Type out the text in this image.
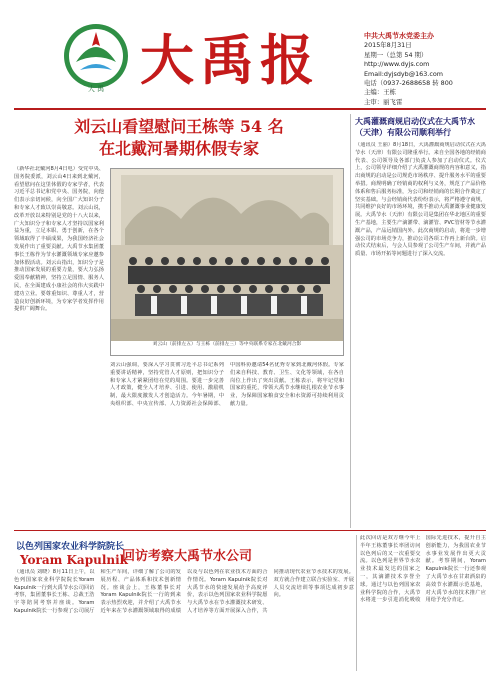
大 禹 大禹报	中共大禹节水党委主办
2015年8月31日
星期一（总第 54 期）
http://www.dyjs.com
Email:dyjsdyb@163.com
电话（0937-2688658 转 800
主编：王栋
主审：丽飞雷
刘云山看望慰问王栋等 54 名
在北戴河暑期休假专家
（新华社北戴河8月4日电）受党中央、国务院委派，刘云山4日来到北戴河，看望慰问在这里休假的专家学者，代表习近平总书记和党中央、国务院，向他们表示亲切问候，向全国广大知识分子和专家人才致以崇高敬意。刘云山说，改革开放以来特别是党的十八大以来，广大知识分子和专家人才坚持以国家利益为重，立足本职、勇于创新，在各个领域取得了丰硕成果，为我国经济社会发展作出了重要贡献。大禹节水集团董事长王栋作为节水灌溉领域专家应邀参加休假活动。刘云山指出，知识分子是推动国家发展的重要力量，要大力弘扬爱国奉献精神，坚持立足国情、服务人民，在全面建成小康社会的伟大实践中建功立业。要尊重知识、尊重人才，营造良好创新环境，为专家学者发挥作用提供广阔舞台。
刘云山（前排左五）与王栋（前排左三）等中央联系专家在北戴河合影
刘云山强调，要深入学习贯彻习近平总书记系列重要讲话精神，坚持党管人才原则，把知识分子和专家人才紧紧团结在党的周围。要进一步完善人才政策，健全人才培养、引进、使用、激励机制，最大限度激发人才创造活力。今年暑期，中央组织部、中央宣传部、人力资源社会保障部、中国科协邀请54名优秀专家到北戴河休假。专家们来自科技、教育、卫生、文化等领域，在各自岗位上作出了突出贡献。王栋表示，将牢记党和国家的重托，带领大禹节水继续扎根农业节水事业，为保障国家粮食安全和水资源可持续利用贡献力量。
大禹灌溉商规启动仪式在大禹节水（天津）有限公司顺利举行
（通讯员 王丽）8月18日，大禹灌溉商规启动仪式在大禹节水（天津）有限公司隆重举行。来自全国各地的经销商代表、公司领导及各部门负责人参加了启动仪式。仪式上，公司领导详细介绍了大禹灌溉商规的内容和意义，指出商规的启动是公司规范市场秩序、提升服务水平的重要举措。商规明确了经销商的权利与义务，规范了产品价格体系和售后服务标准，为公司和经销商的长期合作奠定了坚实基础。与会经销商代表纷纷表示，将严格遵守商规，共同维护良好的市场环境，携手推动大禹灌溉事业健康发展。大禹节水（天津）有限公司是集团在华北地区的重要生产基地，主要生产滴灌带、滴灌管、PVC管材等节水灌溉产品，产品远销国内外。此次商规的启动，将进一步增强公司的市场竞争力，推动公司各项工作再上新台阶。启动仪式结束后，与会人员参观了公司生产车间，并就产品质量、市场开拓等问题进行了深入交流。
以色列国家农业科学院院长
Yoram Kapulnik
回访考察大禹节水公司
（通讯员 刘晓）8月11日上午，以色列国家农业科学院院长Yoram Kapulnik一行到大禹节水公司回访考察，集团董事长王栋、总裁王浩宇等陪同考察并座谈。Yoram Kapulnik院长一行参观了公司展厅和生产车间，详细了解了公司的发展历程、产品体系和技术创新情况。座谈会上，王栋董事长对Yoram Kapulnik院长一行的到来表示热烈欢迎，并介绍了大禹节水近年来在节水灌溉领域取得的成绩以及与以色列在农业技术方面的合作情况。Yoram Kapulnik院长对大禹节水的快速发展给予高度评价，表示以色列国家农业科学院愿与大禹节水在节水灌溉技术研发、人才培养等方面开展深入合作，共同推动现代农业节水技术的发展。双方就合作建立联合实验室、开展人员交流培训等事项达成初步意向。
此次回访是双方继今年上半年王栋董事长率团访问以色列后的又一次重要交流。以色列是世界节水农业技术最发达的国家之一，其滴灌技术享誉全球。通过与以色列国家农业科学院的合作，大禹节水将进一步引进消化吸收国际先进技术，提升自主创新能力，为我国农业节水事业发展作出更大贡献。考察期间，Yoram Kapulnik院长一行还参观了大禹节水在甘肃酒泉的高效节水灌溉示范基地，对大禹节水的技术推广应用给予充分肯定。
